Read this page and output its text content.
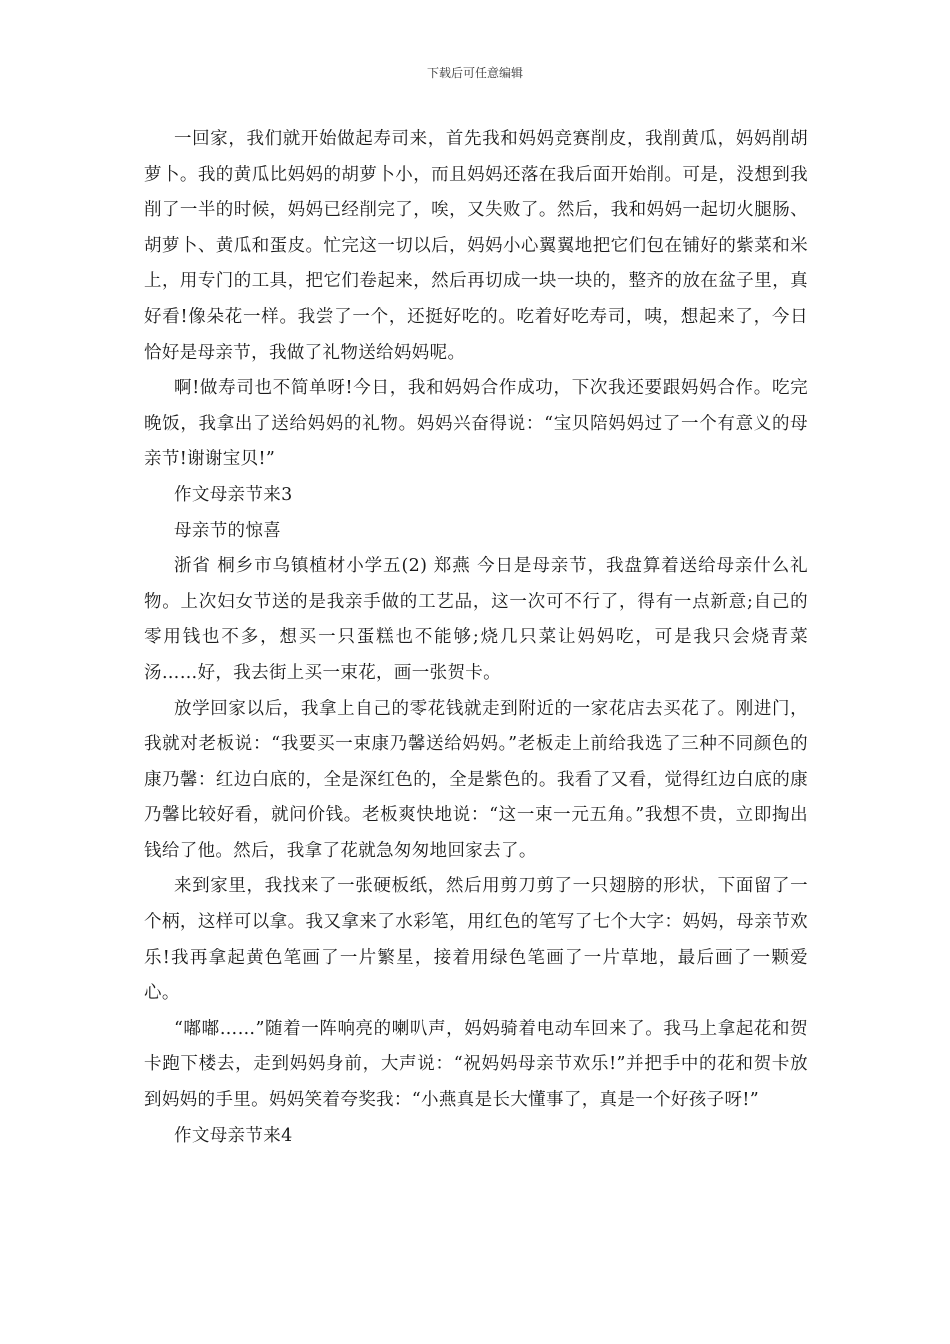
下载后可任意编辑

一回家，我们就开始做起寿司来，首先我和妈妈竞赛削皮，我削黄瓜，妈妈削胡萝卜。我的黄瓜比妈妈的胡萝卜小，而且妈妈还落在我后面开始削。可是，没想到我削了一半的时候，妈妈已经削完了，唉，又失败了。然后，我和妈妈一起切火腿肠、胡萝卜、黄瓜和蛋皮。忙完这一切以后，妈妈小心翼翼地把它们包在铺好的紫菜和米上，用专门的工具，把它们卷起来，然后再切成一块一块的，整齐的放在盆子里，真好看!像朵花一样。我尝了一个，还挺好吃的。吃着好吃寿司，咦，想起来了，今日恰好是母亲节，我做了礼物送给妈妈呢。

啊!做寿司也不简单呀!今日，我和妈妈合作成功，下次我还要跟妈妈合作。吃完晚饭，我拿出了送给妈妈的礼物。妈妈兴奋得说：“宝贝陪妈妈过了一个有意义的母亲节!谢谢宝贝!”

作文母亲节来3

母亲节的惊喜

浙省 桐乡市乌镇植材小学五(2) 郑燕 今日是母亲节，我盘算着送给母亲什么礼物。上次妇女节送的是我亲手做的工艺品，这一次可不行了，得有一点新意;自己的零用钱也不多，想买一只蛋糕也不能够;烧几只菜让妈妈吃，可是我只会烧青菜汤……好，我去街上买一束花，画一张贺卡。

放学回家以后，我拿上自己的零花钱就走到附近的一家花店去买花了。刚进门，我就对老板说：“我要买一束康乃馨送给妈妈。”老板走上前给我选了三种不同颜色的康乃馨：红边白底的，全是深红色的，全是紫色的。我看了又看，觉得红边白底的康乃馨比较好看，就问价钱。老板爽快地说：“这一束一元五角。”我想不贵，立即掏出钱给了他。然后，我拿了花就急匆匆地回家去了。

来到家里，我找来了一张硬板纸，然后用剪刀剪了一只翅膀的形状，下面留了一个柄，这样可以拿。我又拿来了水彩笔，用红色的笔写了七个大字：妈妈，母亲节欢乐!我再拿起黄色笔画了一片繁星，接着用绿色笔画了一片草地，最后画了一颗爱心。

“嘟嘟……”随着一阵响亮的喇叭声，妈妈骑着电动车回来了。我马上拿起花和贺卡跑下楼去，走到妈妈身前，大声说：“祝妈妈母亲节欢乐!”并把手中的花和贺卡放到妈妈的手里。妈妈笑着夸奖我：“小燕真是长大懂事了，真是一个好孩子呀!”

作文母亲节来4
